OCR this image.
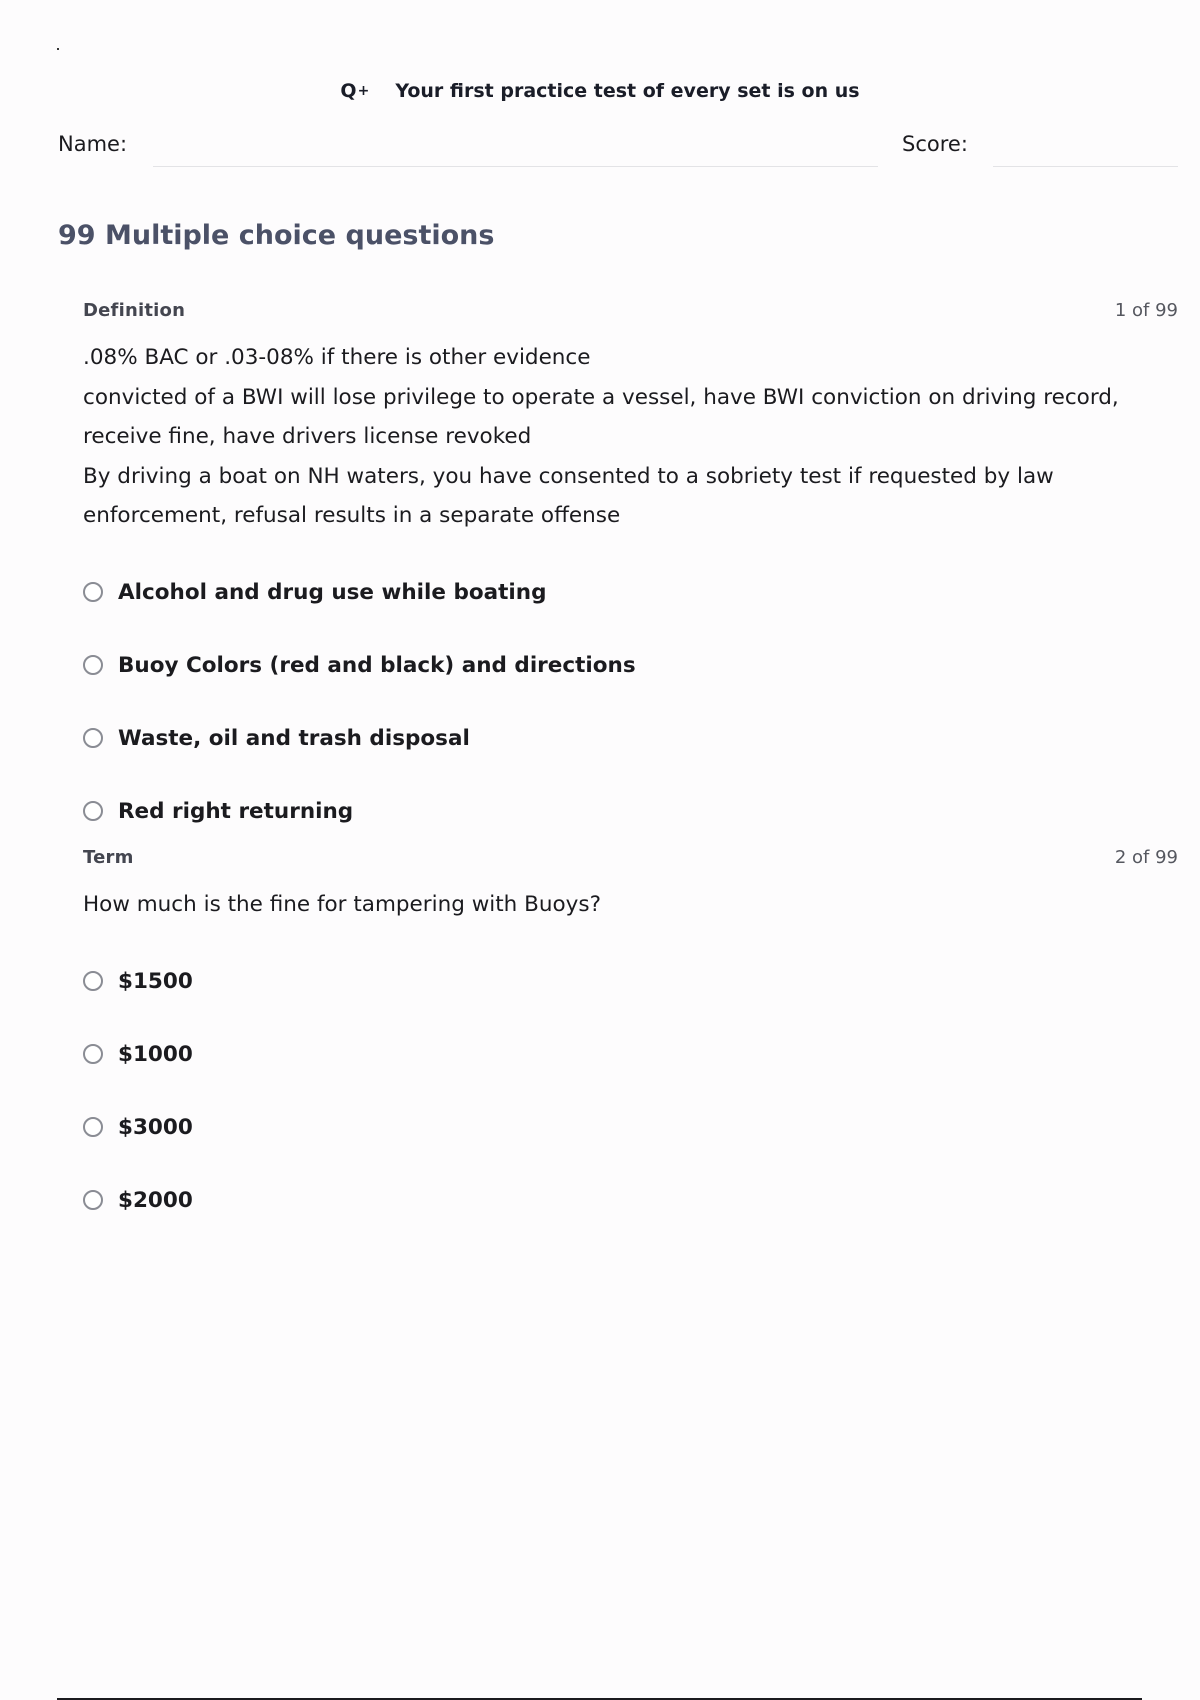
Q + Your first practice test of every set is on us
Name:	Score:
99 Multiple choice questions
Definition	1 of 99
.08% BAC or .03-08% if there is other evidence
convicted of a BWI will lose privilege to operate a vessel, have BWI conviction on driving record,
receive fine, have drivers license revoked
By driving a boat on NH waters, you have consented to a sobriety test if requested by law
enforcement, refusal results in a separate offense
Alcohol and drug use while boating
Buoy Colors (red and black) and directions
Waste, oil and trash disposal
Red right returning
Term	2 of 99
How much is the fine for tampering with Buoys?
$1500
$1000
$3000
$2000
